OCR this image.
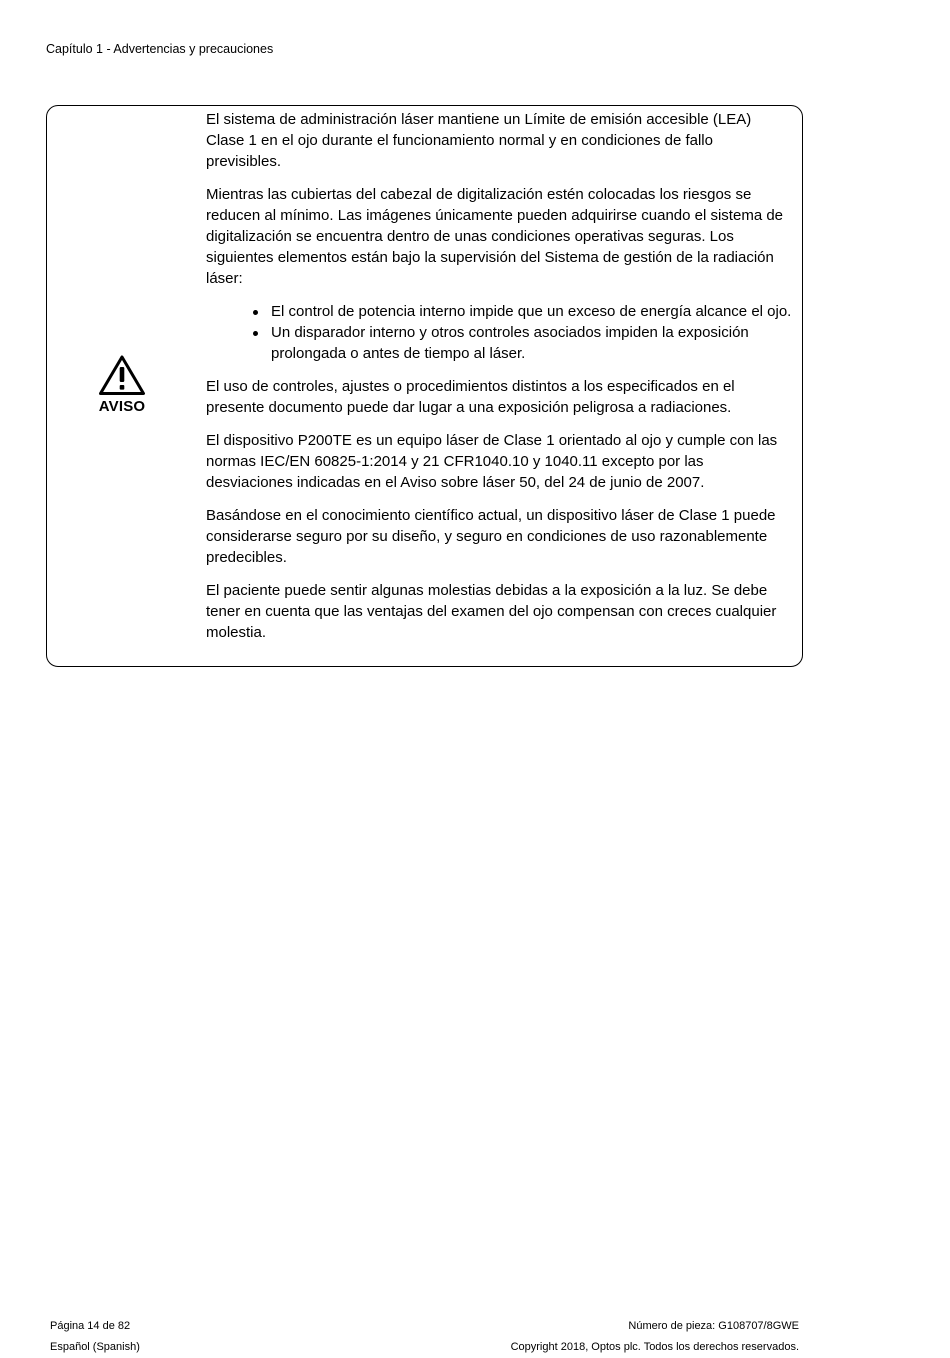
Capítulo 1 - Advertencias y precauciones
AVISO

El sistema de administración láser mantiene un Límite de emisión accesible (LEA) Clase 1 en el ojo durante el funcionamiento normal y en condiciones de fallo previsibles.

Mientras las cubiertas del cabezal de digitalización estén colocadas los riesgos se reducen al mínimo. Las imágenes únicamente pueden adquirirse cuando el sistema de digitalización se encuentra dentro de unas condiciones operativas seguras. Los siguientes elementos están bajo la supervisión del Sistema de gestión de la radiación láser:

El control de potencia interno impide que un exceso de energía alcance el ojo.
Un disparador interno y otros controles asociados impiden la exposición prolongada o antes de tiempo al láser.

El uso de controles, ajustes o procedimientos distintos a los especificados en el presente documento puede dar lugar a una exposición peligrosa a radiaciones.

El dispositivo P200TE es un equipo láser de Clase 1 orientado al ojo y cumple con las normas IEC/EN 60825-1:2014 y 21 CFR1040.10 y 1040.11 excepto por las desviaciones indicadas en el Aviso sobre láser 50, del 24 de junio de 2007.

Basándose en el conocimiento científico actual, un dispositivo láser de Clase 1 puede considerarse seguro por su diseño, y seguro en condiciones de uso razonablemente predecibles.

El paciente puede sentir algunas molestias debidas a la exposición a la luz. Se debe tener en cuenta que las ventajas del examen del ojo compensan con creces cualquier molestia.

Página 14 de 82
Español (Spanish)
Número de pieza: G108707/8GWE
Copyright 2018, Optos plc. Todos los derechos reservados.
